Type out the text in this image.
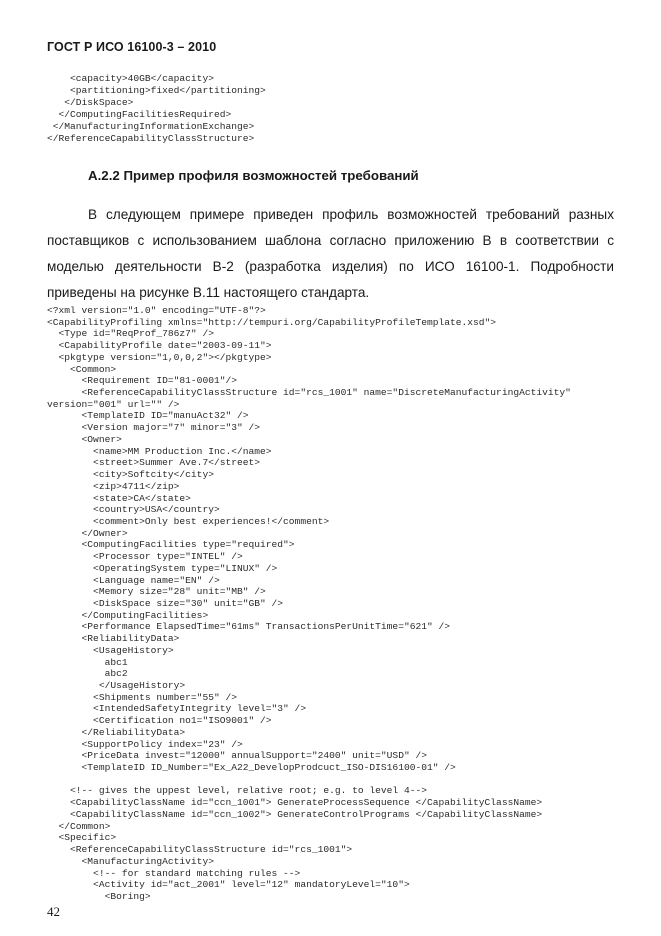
ГОСТ Р ИСО 16100-3 – 2010
<capacity>40GB</capacity>
<partitioning>fixed</partitioning>
</DiskSpace>
</ComputingFacilitiesRequired>
</ManufacturingInformationExchange>
</ReferenceCapabilityClassStructure>
A.2.2 Пример профиля возможностей требований

В следующем примере приведен профиль возможностей требований разных поставщиков с использованием шаблона согласно приложению В в соответствии с моделью деятельности В-2 (разработка изделия) по ИСО 16100-1. Подробности приведены на рисунке В.11 настоящего стандарта.

<?xml version="1.0" encoding="UTF-8"?>
<CapabilityProfiling xmlns="http://tempuri.org/CapabilityProfileTemplate.xsd">
<Type id="ReqProf_786z7" />
<CapabilityProfile date="2003-09-11">
<pkgtype version="1,0,0,2"></pkgtype>
<Common>
<Requirement ID="81-0001"/>
<ReferenceCapabilityClassStructure id="rcs_1001" name="DiscreteManufacturingActivity"
version="001" url="" />
<TemplateID ID="manuAct32" />
<Version major="7" minor="3" />
<Owner>
<name>MM Production Inc.</name>
<street>Summer Ave.7</street>
<city>Softcity</city>
<zip>4711</zip>
<state>CA</state>
<country>USA</country>
<comment>Only best experiences!</comment>
</Owner>
<ComputingFacilities type="required">
<Processor type="INTEL" />
<OperatingSystem type="LINUX" />
<Language name="EN" />
<Memory size="28" unit="MB" />
<DiskSpace size="30" unit="GB" />
</ComputingFacilities>
<Performance ElapsedTime="61ms" TransactionsPerUnitTime="621" />
<ReliabilityData>
<UsageHistory>
abc1
abc2
</UsageHistory>
<Shipments number="55" />
<IntendedSafetyIntegrity level="3" />
<Certification no1="ISO9001" />
</ReliabilityData>
<SupportPolicy index="23" />
<PriceData invest="12000" annualSupport="2400" unit="USD" />
<TemplateID ID_Number="Ex_A22_DevelopProdcuct_ISO-DIS16100-01" />

<!-- gives the uppest level, relative root; e.g. to level 4-->
<CapabilityClassName id="ccn_1001"> GenerateProcessSequence </CapabilityClassName>
<CapabilityClassName id="ccn_1002"> GenerateControlPrograms </CapabilityClassName>
</Common>
<Specific>
<ReferenceCapabilityClassStructure id="rcs_1001">
<ManufacturingActivity>
<!-- for standard matching rules -->
<Activity id="act_2001" level="12" mandatoryLevel="10">
<Boring>
42
